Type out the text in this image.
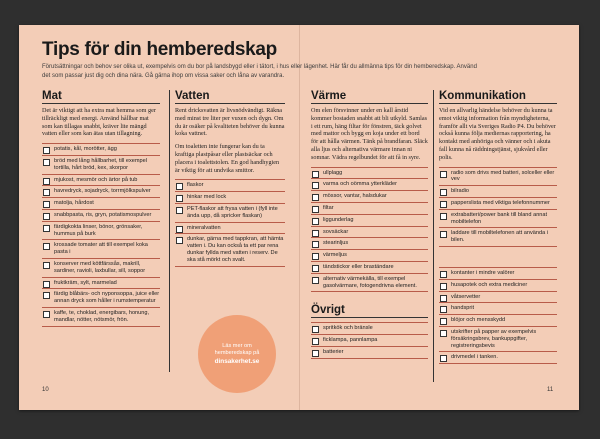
Tips för din hemberedskap
Förutsättningar och behov ser olika ut, exempelvis om du bor på landsbygd eller i tätort, i hus eller lägenhet. Här får du allmänna tips för din hemberedskap. Använd det som passar just dig och dina nära. Gå gärna ihop om vissa saker och låna av varandra.
Mat

Det är viktigt att ha extra mat hemma som ger tillräckligt med energi. Använd hållbar mat som kan tillagas snabbt, kräver lite mängd vatten eller som kan ätas utan tillagning.

potatis, kål, morötter, ägg
bröd med lång hållbarhet, till exempel tortilla, hårt bröd, kex, skorpor
mjukost, mesmör och ärtor på tub
havredryck, sojadryck, torrmjölkspulver
matolja, hårdost
snabbpasta, ris, gryn, potatismospulver
färdigkokta linser, bönor, grönsaker, hummus på burk
krossade tomater att till exempel koka pasta i
konserver med köttfärssås, makrill, sardiner, ravioli, laxbullar, sill, soppor
fruktkräm, sylt, marmelad
färdig blåbärs- och nyponsoppa, juice eller annan dryck som håller i rumstemperatur
kaffe, te, choklad, energibars, honung, mandlar, nötter, nötsmör, frön.
Vatten

Rent dricksvatten är livsnödvändigt. Räkna med minst tre liter per vuxen och dygn. Om du är osäker på kvaliteten behöver du kunna koka vattnet.

Om toaletten inte fungerar kan du ta kraftiga plastpåsar eller plastsäckar och placera i toalettstolen. En god handhygien är viktig för att undvika smittor.

flaskor
hinkar med lock
PET-flaskor att frysa vatten i (fyll inte ända upp, då spricker flaskan)
mineralvatten
dunkar, gärna med tappkran, att hämta vatten i. Du kan också ta ett par rena dunkar fyllda med vatten i reserv. De ska stå mörkt och svalt.
Läs mer om
hemberedskap på
dinsakerhet.se
Värme

Om elen försvinner under en kall årstid kommer bostaden snabbt att bli utkyld. Samlas i ett rum, häng filtar för fönstren, täck golvet med mattor och bygg en koja under ett bord för att hålla värmen. Tänk på brandfaran. Släck alla ljus och alternativa värmare innan ni somnar. Vädra regelbundet för att få in syre.

ullplagg
varma och oömma ytterkläder
mössor, vantar, halsdukar
filtar
liggunderlag
sovsäckar
stearinljus
värmeljus
tändstickor eller braständare
alternativ värmekälla, till exempel gasolvärmare, fotogendrivna element.
Övrigt
spritkök och bränsle
ficklampa, pannlampa
batterier
Kommunikation

Vid en allvarlig händelse behöver du kunna ta emot viktig information från myndigheterna, framför allt via Sveriges Radio P4. Du behöver också kunna följa mediernas rapportering, ha kontakt med anhöriga och vänner och i akuta fall kunna nå räddningstjänst, sjukvård eller polis.

radio som drivs med batteri, solceller eller vev
bilradio
papperslista med viktiga telefonnummer
extrabatteri/power bank till bland annat mobiltelefon
laddare till mobiltelefonen att använda i bilen.
kontanter i mindre valörer
husapotek och extra mediciner
våtservetter
handsprit
blöjor och mensskydd
utskrifter på papper av exempelvis försäkringsbrev, bankuppgifter, registreringsbevis
drivmedel i tanken.
10	11
